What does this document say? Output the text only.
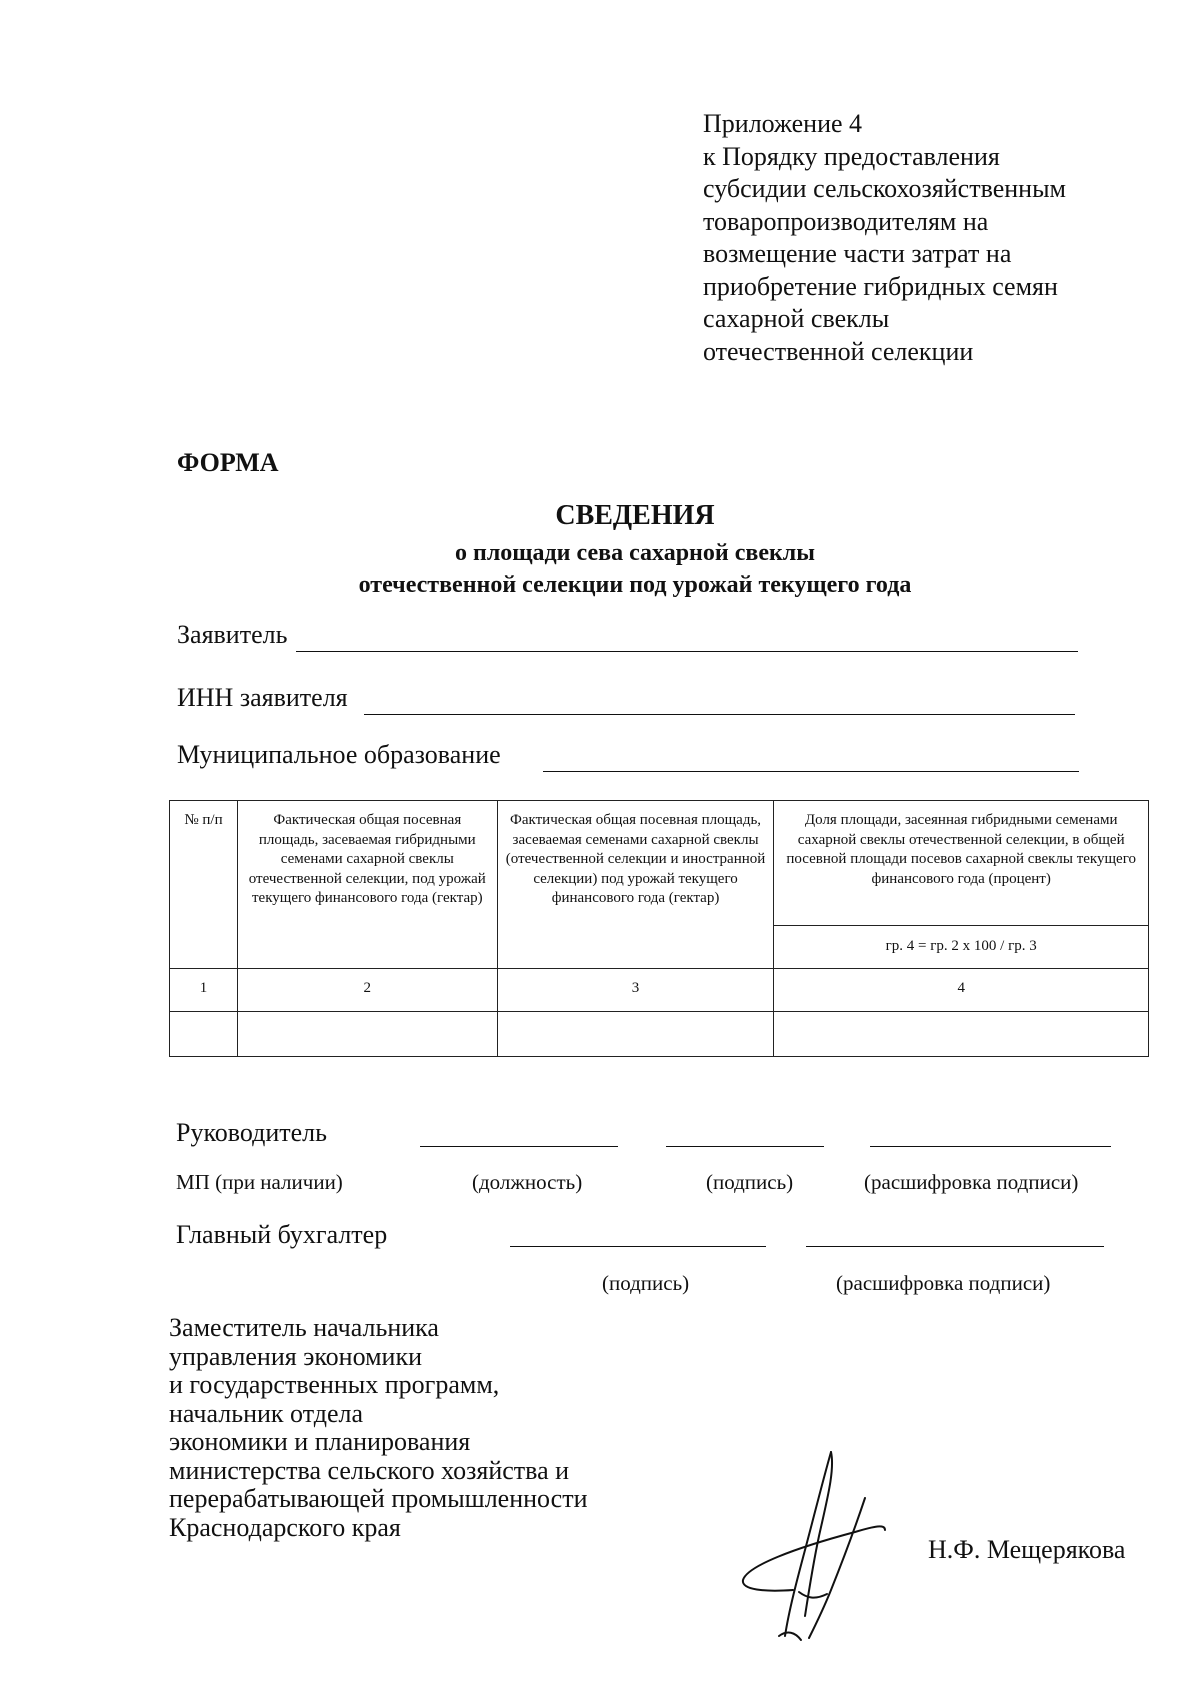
Приложение 4
к Порядку предоставления
субсидии сельскохозяйственным
товаропроизводителям на
возмещение части затрат на
приобретение гибридных семян
сахарной свеклы
отечественной селекции
ФОРМА
СВЕДЕНИЯ
о площади сева сахарной свеклы
отечественной селекции под урожай текущего года
Заявитель
ИНН заявителя
Муниципальное образование
№ п/п	Фактическая общая посевная площадь, засеваемая гибридными семенами сахарной свеклы отечественной селекции, под урожай текущего финансового года (гектар)	Фактическая общая посевная площадь, засеваемая семенами сахарной свеклы (отечественной селекции и иностранной селекции) под урожай текущего финансового года (гектар)	Доля площади, засеянная гибридными семенами сахарной свеклы отечественной селекции, в общей посевной площади посевов сахарной свеклы текущего финансового года (процент)
			гр. 4 = гр. 2 х 100 / гр. 3
1	2	3	4

Руководитель
МП (при наличии)	(должность)	(подпись)	(расшифровка подписи)
Главный бухгалтер
(подпись)	(расшифровка подписи)
Заместитель начальника
управления экономики
и государственных программ,
начальник отдела
экономики и планирования
министерства сельского хозяйства и
перерабатывающей промышленности
Краснодарского края
Н.Ф. Мещерякова
